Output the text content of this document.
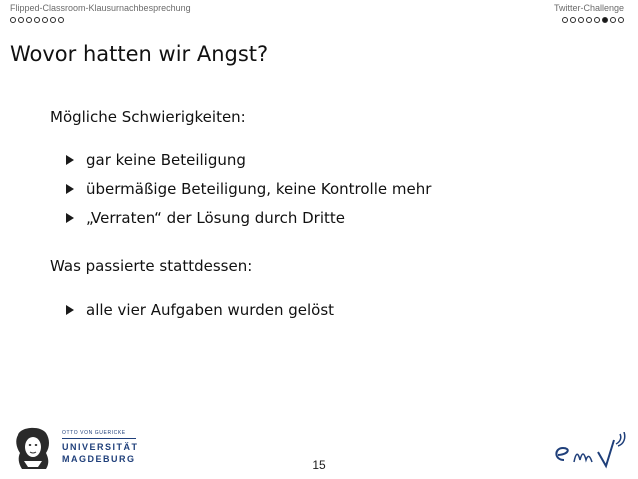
Flipped-Classroom-Klausurnachbesprechung	Twitter-Challenge
Wovor hatten wir Angst?
Mögliche Schwierigkeiten:
gar keine Beteiligung
übermäßige Beteiligung, keine Kontrolle mehr
„Verraten“ der Lösung durch Dritte
Was passierte stattdessen:
alle vier Aufgaben wurden gelöst
OTTO VON GUERICKE
UNIVERSITÄT
MAGDEBURG	15
